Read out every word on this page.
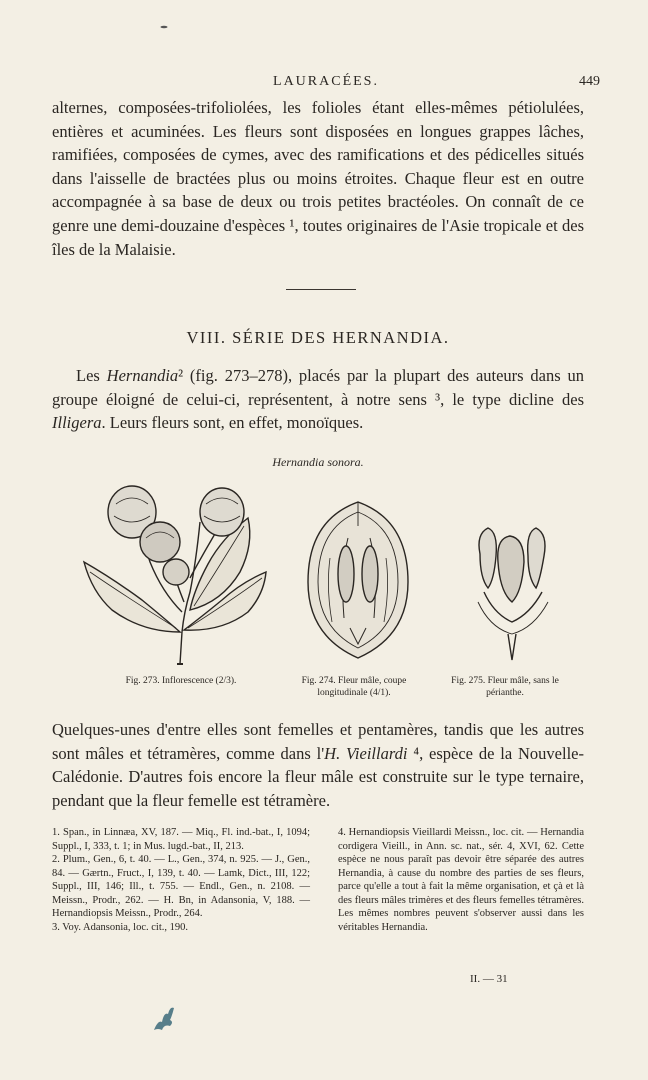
LAURACÉES.	449

alternes, composées-trifoliolées, les folioles étant elles-mêmes pétiolulées, entières et acuminées. Les fleurs sont disposées en longues grappes lâches, ramifiées, composées de cymes, avec des ramifications et des pédicelles situés dans l'aisselle de bractées plus ou moins étroites. Chaque fleur est en outre accompagnée à sa base de deux ou trois petites bractéoles. On connaît de ce genre une demi-douzaine d'espèces ¹, toutes originaires de l'Asie tropicale et des îles de la Malaisie.

VIII. SÉRIE DES HERNANDIA.

Les Hernandia² (fig. 273–278), placés par la plupart des auteurs dans un groupe éloigné de celui-ci, représentent, à notre sens ³, le type dicline des Illigera. Leurs fleurs sont, en effet, monoïques.

Hernandia sonora.
Fig. 273. Inflorescence (2/3).	Fig. 274. Fleur mâle, coupe longitudinale (4/1).
Fig. 275. Fleur mâle, sans le périanthe.

Quelques-unes d'entre elles sont femelles et pentamères, tandis que les autres sont mâles et tétramères, comme dans l'H. Vieillardi ⁴, espèce de la Nouvelle-Calédonie. D'autres fois encore la fleur mâle est construite sur le type ternaire, pendant que la fleur femelle est tétramère.

1. Span., in Linnæa, XV, 187. — Miq., Fl. ind.-bat., I, 1094; Suppl., I, 333, t. 1; in Mus. lugd.-bat., II, 213.
2. Plum., Gen., 6, t. 40. — L., Gen., 374, n. 925. — J., Gen., 84. — Gærtn., Fruct., I, 139, t. 40. — Lamk, Dict., III, 122; Suppl., III, 146; Ill., t. 755. — Endl., Gen., n. 2108. — Meissn., Prodr., 262. — H. Bn, in Adansonia, V, 188. — Hernandiopsis Meissn., Prodr., 264.
3. Voy. Adansonia, loc. cit., 190.
4. Hernandiopsis Vieillardi Meissn., loc. cit. — Hernandia cordigera Vieill., in Ann. sc. nat., sér. 4, XVI, 62. Cette espèce ne nous paraît pas devoir être séparée des autres Hernandia, à cause du nombre des parties de ses fleurs, parce qu'elle a tout à fait la même organisation, et çà et là des fleurs mâles trimères et des fleurs femelles tétramères. Les mêmes nombres peuvent s'observer aussi dans les véritables Hernandia.
II. — 31
